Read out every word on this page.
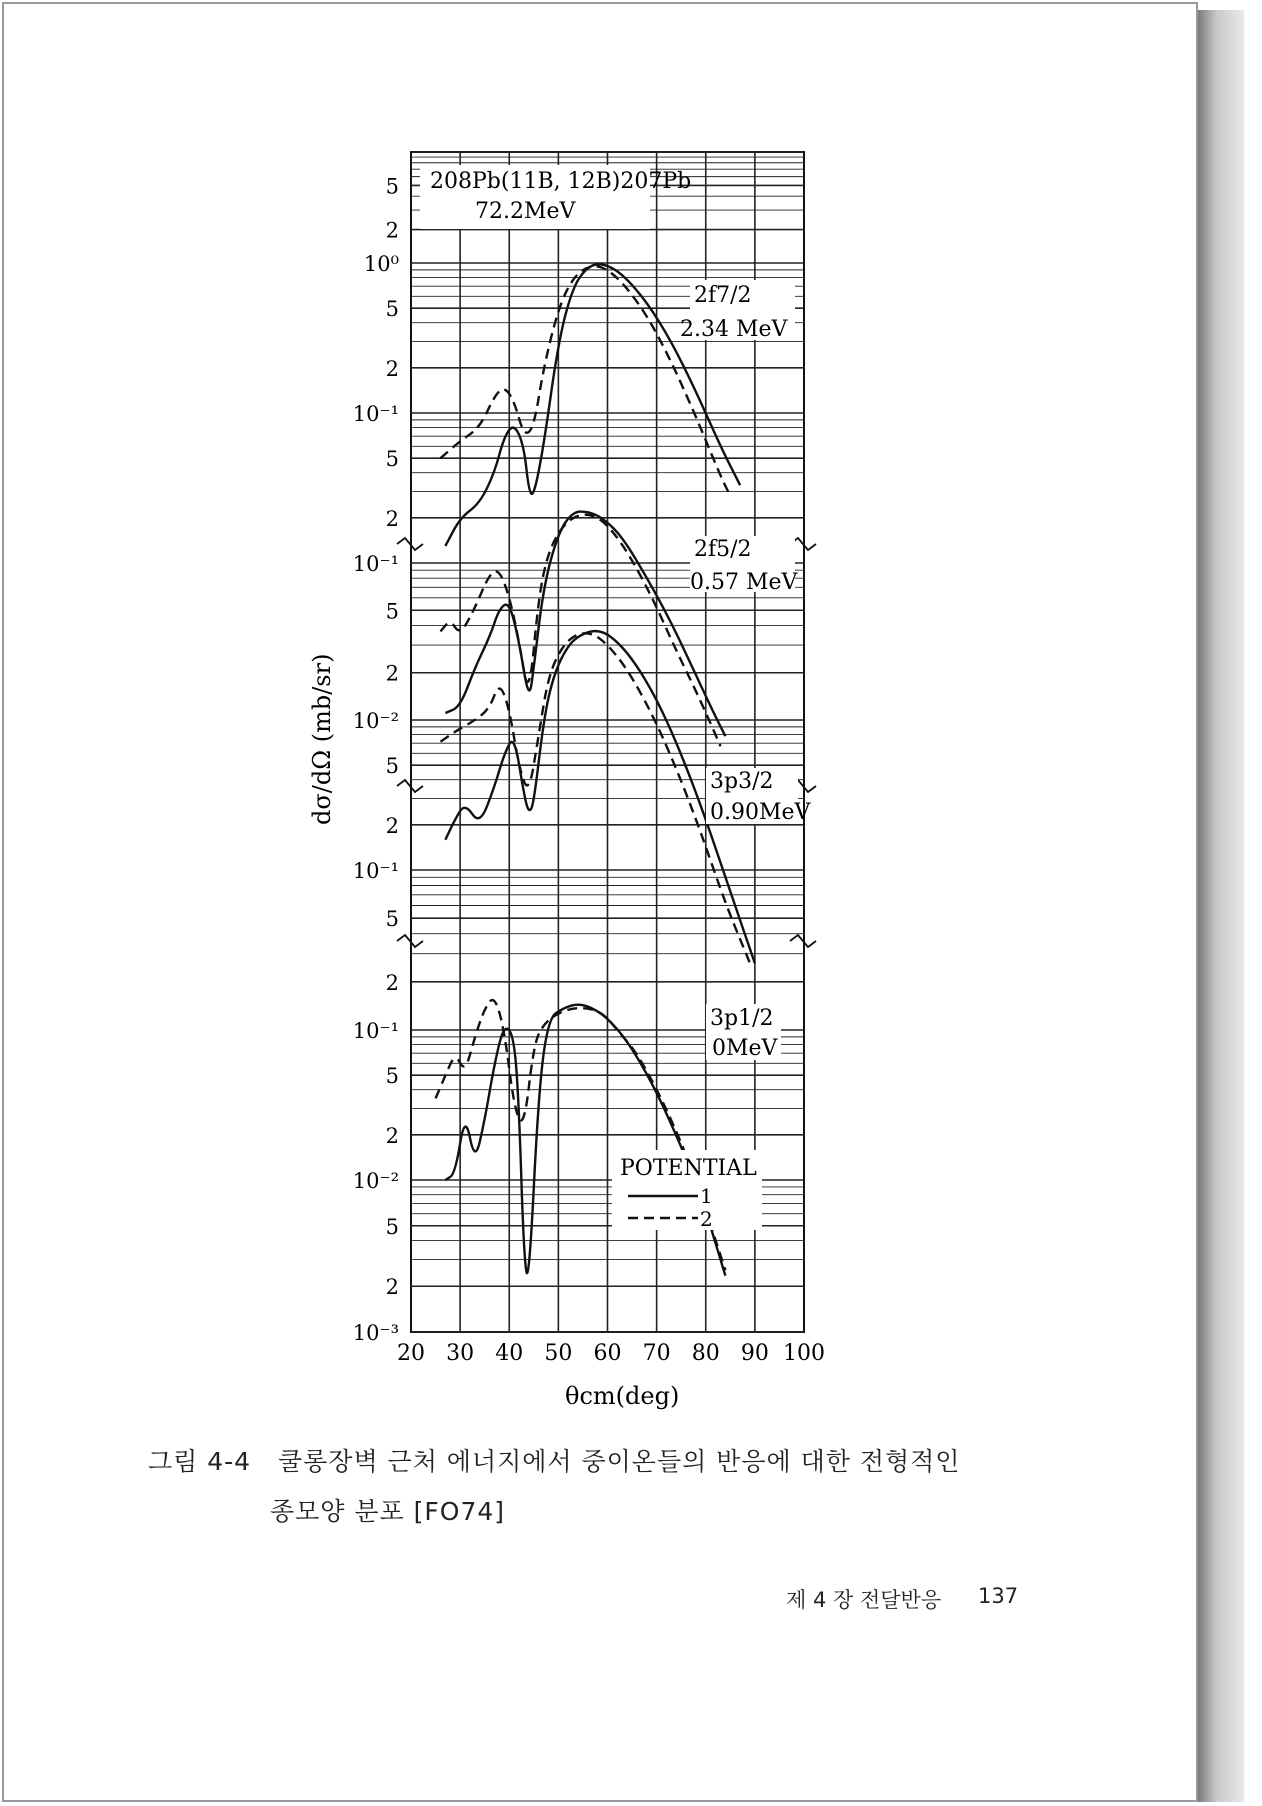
20 30 40 50 60 70 80 90 100
5
2
10⁰
5
2
10⁻¹
5
2
10⁻¹
5
2
10⁻²
5
2
10⁻¹
5
2
10⁻¹
5
2
10⁻²
5
2
10⁻³
208Pb(11B, 12B)207Pb
72.2MeV
2f7/2
2.34 MeV
2f5/2
0.57 MeV
3p3/2
0.90MeV
3p1/2
0MeV
POTENTIAL
1
2
θcm(deg)
dσ/dΩ (mb/sr)
그림 4-4 쿨롱장벽 근처 에너지에서 중이온들의 반응에 대한 전형적인
종모양 분포 [FO74]
제 4 장 전달반응 137
